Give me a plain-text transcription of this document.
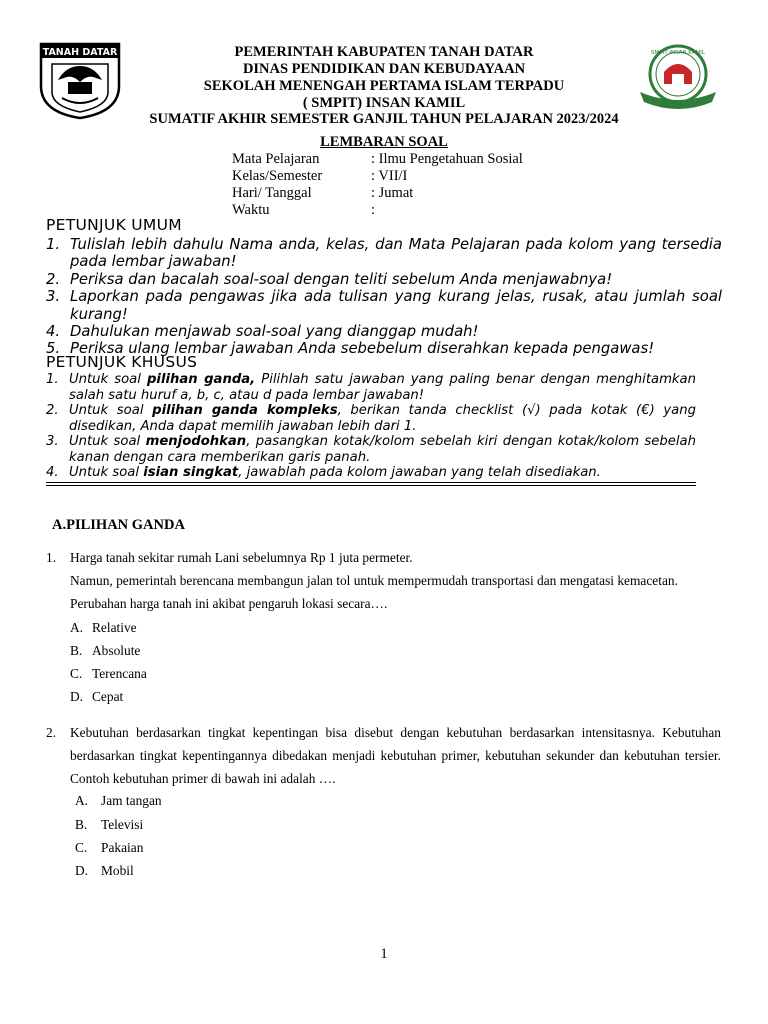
TANAH DATAR	SMPIT INSAN KAMIL
PEMERINTAH KABUPATEN TANAH DATAR
DINAS PENDIDIKAN DAN KEBUDAYAAN
SEKOLAH MENENGAH PERTAMA ISLAM TERPADU
( SMPIT) INSAN KAMIL
SUMATIF AKHIR SEMESTER GANJIL TAHUN PELAJARAN 2023/2024
LEMBARAN SOAL
Mata Pelajaran	: Ilmu Pengetahuan Sosial
Kelas/Semester	: VII/I
Hari/ Tanggal	: Jumat
Waktu	:
PETUNJUK UMUM
1. Tulislah lebih dahulu Nama anda, kelas, dan Mata Pelajaran pada kolom yang tersedia pada lembar jawaban!
2. Periksa dan bacalah soal-soal dengan teliti sebelum Anda menjawabnya!
3. Laporkan pada pengawas jika ada tulisan yang kurang jelas, rusak, atau jumlah soal kurang!
4. Dahulukan menjawab soal-soal yang dianggap mudah!
5. Periksa ulang lembar jawaban Anda sebebelum diserahkan kepada pengawas!
PETUNJUK KHUSUS
1. Untuk soal pilihan ganda, Pilihlah satu jawaban yang paling benar dengan menghitamkan salah satu huruf a, b, c, atau d pada lembar jawaban!
2. Untuk soal pilihan ganda kompleks, berikan tanda checklist (√) pada kotak (€) yang disedikan, Anda dapat memilih jawaban lebih dari 1.
3. Untuk soal menjodohkan, pasangkan kotak/kolom sebelah kiri dengan kotak/kolom sebelah kanan dengan cara memberikan garis panah.
4. Untuk soal isian singkat, jawablah pada kolom jawaban yang telah disediakan.
A.PILIHAN GANDA
1. Harga tanah sekitar rumah Lani sebelumnya Rp 1 juta permeter.
Namun, pemerintah berencana membangun jalan tol untuk mempermudah transportasi dan mengatasi kemacetan.
Perubahan harga tanah ini akibat pengaruh lokasi secara….
A. Relative
B. Absolute
C. Terencana
D. Cepat
2. Kebutuhan berdasarkan tingkat kepentingan bisa disebut dengan kebutuhan berdasarkan intensitasnya. Kebutuhan berdasarkan tingkat kepentingannya dibedakan menjadi kebutuhan primer, kebutuhan sekunder dan kebutuhan tersier. Contoh kebutuhan primer di bawah ini adalah ….
A. Jam tangan
B. Televisi
C. Pakaian
D. Mobil
1
